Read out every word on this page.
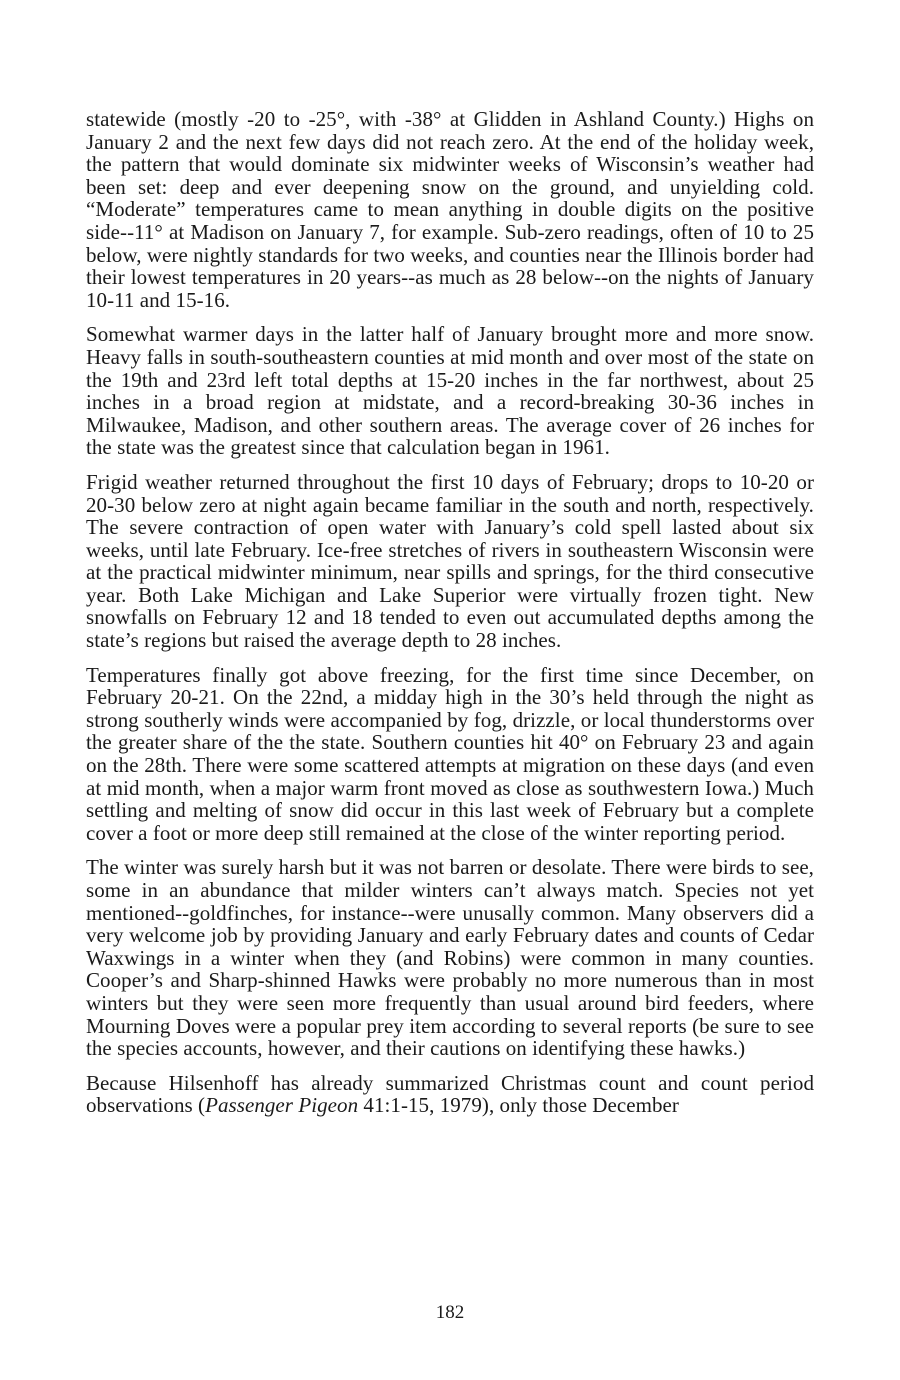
statewide (mostly -20 to -25°, with -38° at Glidden in Ashland County.) Highs on January 2 and the next few days did not reach zero. At the end of the holiday week, the pattern that would dominate six midwinter weeks of Wisconsin’s weather had been set: deep and ever deepening snow on the ground, and unyielding cold. “Moderate” temperatures came to mean anything in double digits on the positive side--11° at Madison on January 7, for example. Sub-zero readings, often of 10 to 25 below, were nightly standards for two weeks, and counties near the Illinois border had their lowest temperatures in 20 years--as much as 28 below--on the nights of January 10-11 and 15-16.

Somewhat warmer days in the latter half of January brought more and more snow. Heavy falls in south-southeastern counties at mid month and over most of the state on the 19th and 23rd left total depths at 15-20 inches in the far northwest, about 25 inches in a broad region at midstate, and a record-breaking 30-36 inches in Milwaukee, Madison, and other southern areas. The average cover of 26 inches for the state was the greatest since that calculation began in 1961.

Frigid weather returned throughout the first 10 days of February; drops to 10-20 or 20-30 below zero at night again became familiar in the south and north, respectively. The severe contraction of open water with January’s cold spell lasted about six weeks, until late February. Ice-free stretches of rivers in southeastern Wisconsin were at the practical midwinter minimum, near spills and springs, for the third consecutive year. Both Lake Michigan and Lake Superior were virtually frozen tight. New snowfalls on February 12 and 18 tended to even out accumulated depths among the state’s regions but raised the average depth to 28 inches.

Temperatures finally got above freezing, for the first time since December, on February 20-21. On the 22nd, a midday high in the 30’s held through the night as strong southerly winds were accompanied by fog, drizzle, or local thunderstorms over the greater share of the the state. Southern counties hit 40° on February 23 and again on the 28th. There were some scattered attempts at migration on these days (and even at mid month, when a major warm front moved as close as southwestern Iowa.) Much settling and melting of snow did occur in this last week of February but a complete cover a foot or more deep still remained at the close of the winter reporting period.

The winter was surely harsh but it was not barren or desolate. There were birds to see, some in an abundance that milder winters can’t always match. Species not yet mentioned--goldfinches, for instance--were unusally common. Many observers did a very welcome job by providing January and early February dates and counts of Cedar Waxwings in a winter when they (and Robins) were common in many counties. Cooper’s and Sharp-shinned Hawks were probably no more numerous than in most winters but they were seen more frequently than usual around bird feeders, where Mourning Doves were a popular prey item according to several reports (be sure to see the species accounts, however, and their cautions on identifying these hawks.)

Because Hilsenhoff has already summarized Christmas count and count period observations (Passenger Pigeon 41:1-15, 1979), only those December

182
